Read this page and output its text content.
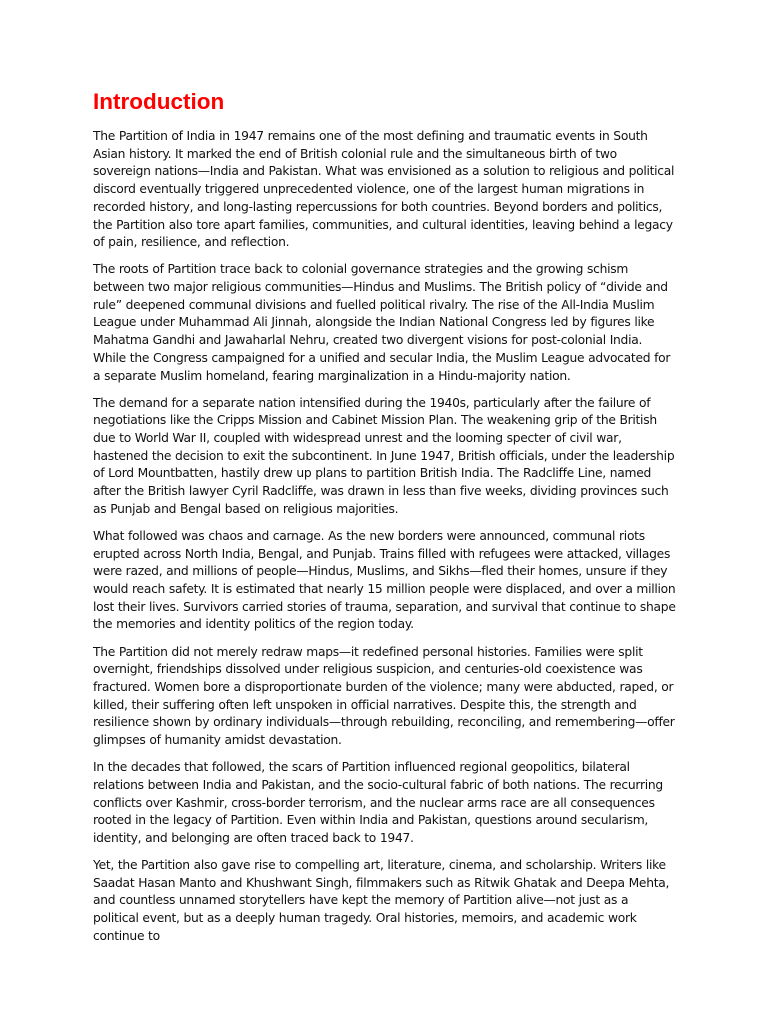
Introduction

The Partition of India in 1947 remains one of the most defining and traumatic events in South Asian history. It marked the end of British colonial rule and the simultaneous birth of two sovereign nations—India and Pakistan. What was envisioned as a solution to religious and political discord eventually triggered unprecedented violence, one of the largest human migrations in recorded history, and long-lasting repercussions for both countries. Beyond borders and politics, the Partition also tore apart families, communities, and cultural identities, leaving behind a legacy of pain, resilience, and reflection.

The roots of Partition trace back to colonial governance strategies and the growing schism between two major religious communities—Hindus and Muslims. The British policy of “divide and rule” deepened communal divisions and fuelled political rivalry. The rise of the All-India Muslim League under Muhammad Ali Jinnah, alongside the Indian National Congress led by figures like Mahatma Gandhi and Jawaharlal Nehru, created two divergent visions for post-colonial India. While the Congress campaigned for a unified and secular India, the Muslim League advocated for a separate Muslim homeland, fearing marginalization in a Hindu-majority nation.

The demand for a separate nation intensified during the 1940s, particularly after the failure of negotiations like the Cripps Mission and Cabinet Mission Plan. The weakening grip of the British due to World War II, coupled with widespread unrest and the looming specter of civil war, hastened the decision to exit the subcontinent. In June 1947, British officials, under the leadership of Lord Mountbatten, hastily drew up plans to partition British India. The Radcliffe Line, named after the British lawyer Cyril Radcliffe, was drawn in less than five weeks, dividing provinces such as Punjab and Bengal based on religious majorities.

What followed was chaos and carnage. As the new borders were announced, communal riots erupted across North India, Bengal, and Punjab. Trains filled with refugees were attacked, villages were razed, and millions of people—Hindus, Muslims, and Sikhs—fled their homes, unsure if they would reach safety. It is estimated that nearly 15 million people were displaced, and over a million lost their lives. Survivors carried stories of trauma, separation, and survival that continue to shape the memories and identity politics of the region today.

The Partition did not merely redraw maps—it redefined personal histories. Families were split overnight, friendships dissolved under religious suspicion, and centuries-old coexistence was fractured. Women bore a disproportionate burden of the violence; many were abducted, raped, or killed, their suffering often left unspoken in official narratives. Despite this, the strength and resilience shown by ordinary individuals—through rebuilding, reconciling, and remembering—offer glimpses of humanity amidst devastation.

In the decades that followed, the scars of Partition influenced regional geopolitics, bilateral relations between India and Pakistan, and the socio-cultural fabric of both nations. The recurring conflicts over Kashmir, cross-border terrorism, and the nuclear arms race are all consequences rooted in the legacy of Partition. Even within India and Pakistan, questions around secularism, identity, and belonging are often traced back to 1947.

Yet, the Partition also gave rise to compelling art, literature, cinema, and scholarship. Writers like Saadat Hasan Manto and Khushwant Singh, filmmakers such as Ritwik Ghatak and Deepa Mehta, and countless unnamed storytellers have kept the memory of Partition alive—not just as a political event, but as a deeply human tragedy. Oral histories, memoirs, and academic work continue to
